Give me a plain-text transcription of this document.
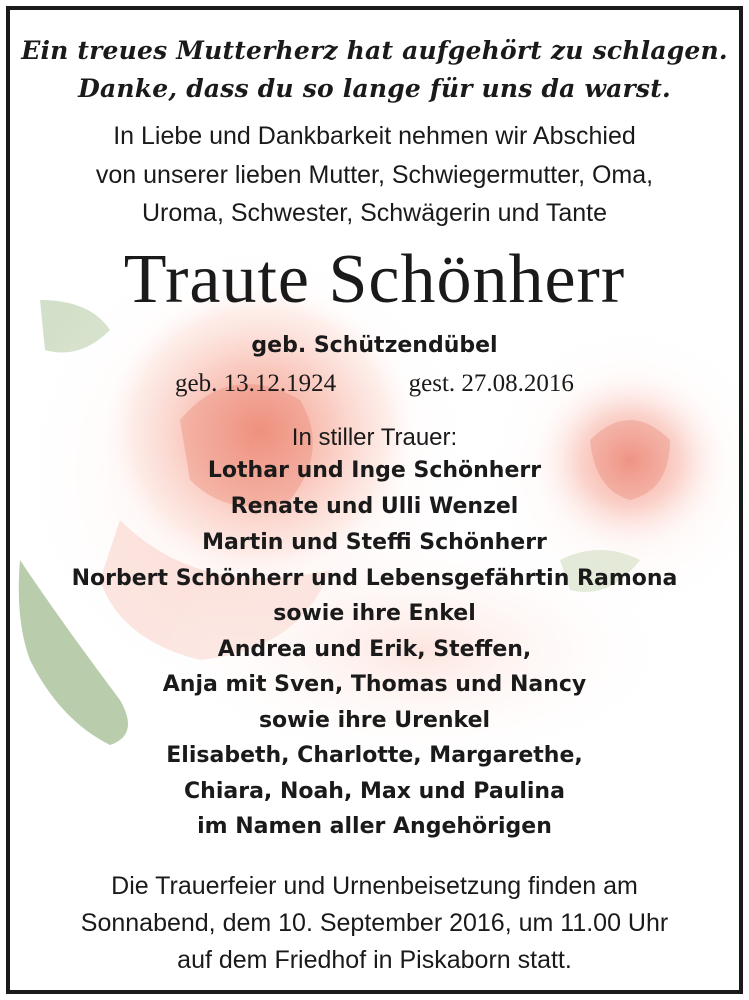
Ein treues Mutterherz hat aufgehört zu schlagen.
Danke, dass du so lange für uns da warst.
In Liebe und Dankbarkeit nehmen wir Abschied
von unserer lieben Mutter, Schwiegermutter, Oma,
Uroma, Schwester, Schwägerin und Tante
Traute Schönherr
geb. Schützendübel
geb. 13.12.1924	gest. 27.08.2016
In stiller Trauer:
Lothar und Inge Schönherr
Renate und Ulli Wenzel
Martin und Steffi Schönherr
Norbert Schönherr und Lebensgefährtin Ramona
sowie ihre Enkel
Andrea und Erik, Steffen,
Anja mit Sven, Thomas und Nancy
sowie ihre Urenkel
Elisabeth, Charlotte, Margarethe,
Chiara, Noah, Max und Paulina
im Namen aller Angehörigen
Die Trauerfeier und Urnenbeisetzung finden am
Sonnabend, dem 10. September 2016, um 11.00 Uhr
auf dem Friedhof in Piskaborn statt.
